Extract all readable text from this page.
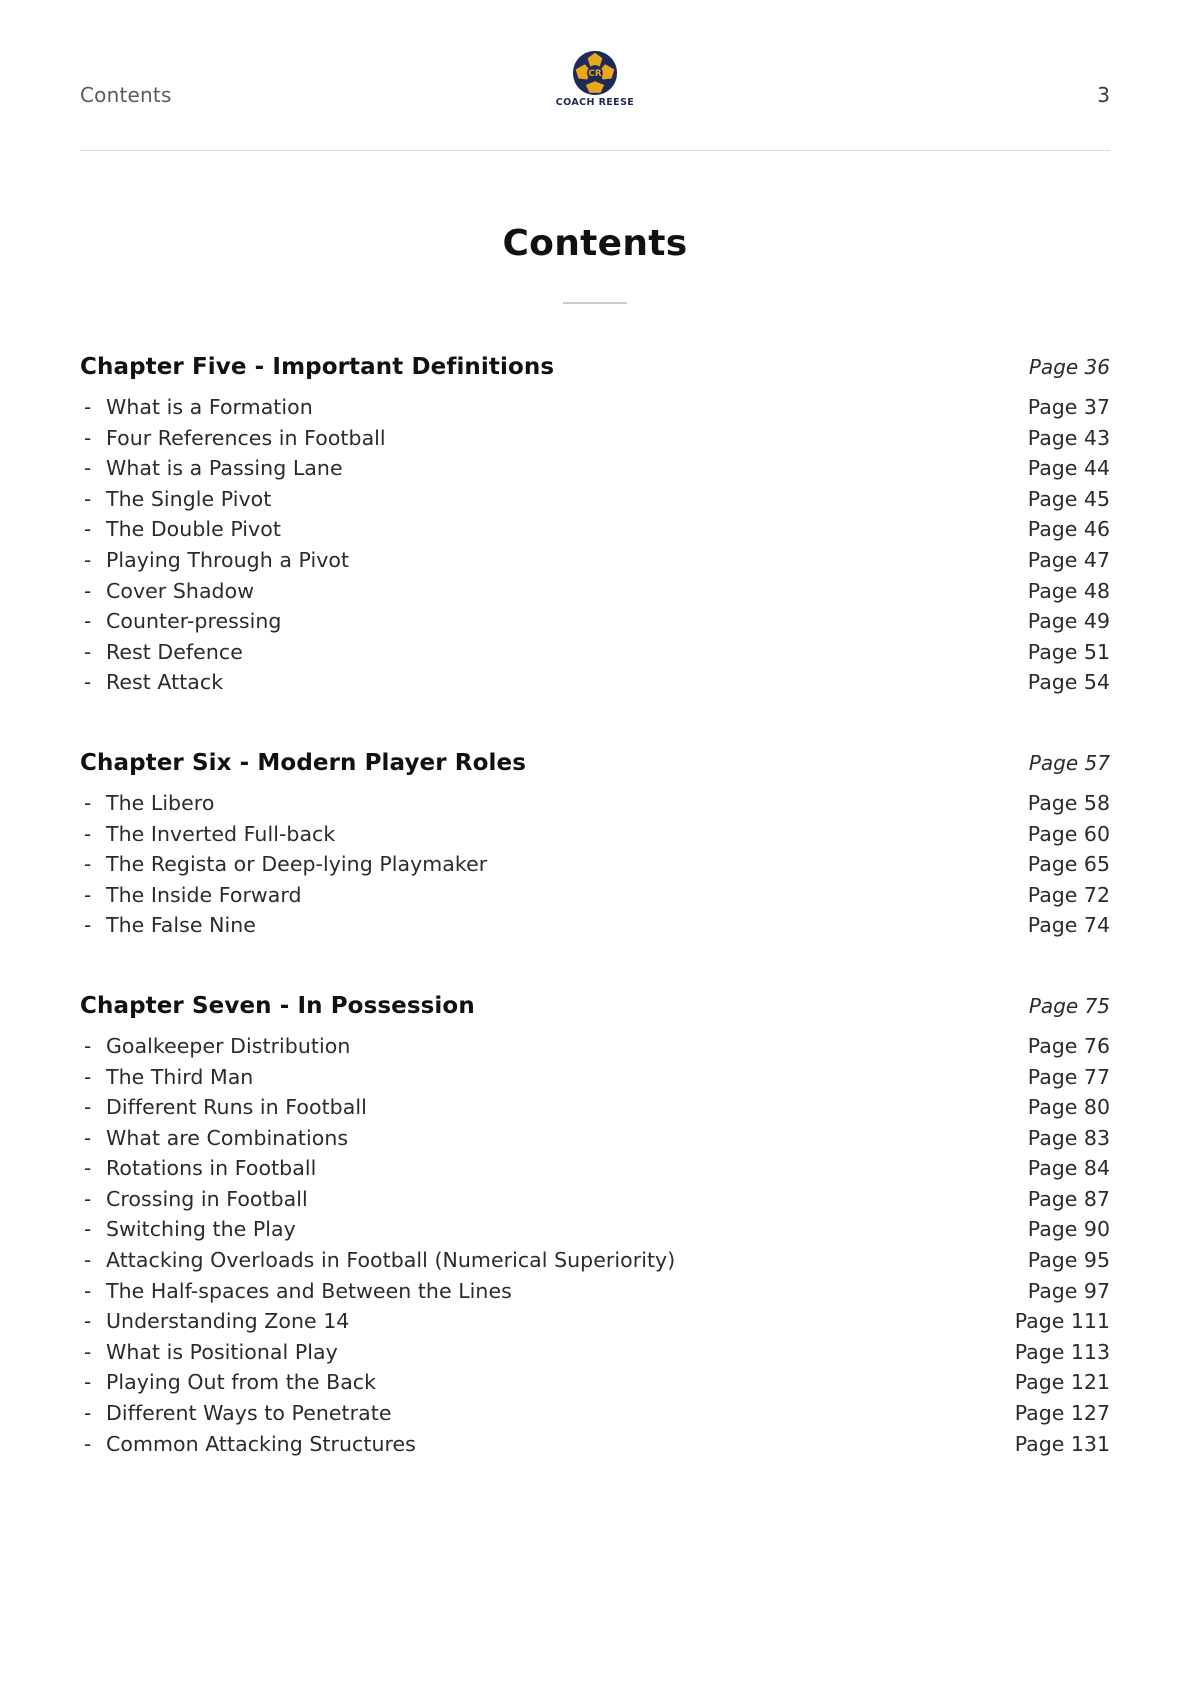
Contents
CR
COACH REESE	3
Contents
Chapter Five - Important Definitions	Page 36
- What is a Formation	Page 37
- Four References in Football	Page 43
- What is a Passing Lane	Page 44
- The Single Pivot	Page 45
- The Double Pivot	Page 46
- Playing Through a Pivot	Page 47
- Cover Shadow	Page 48
- Counter-pressing	Page 49
- Rest Defence	Page 51
- Rest Attack	Page 54
Chapter Six - Modern Player Roles	Page 57
- The Libero	Page 58
- The Inverted Full-back	Page 60
- The Regista or Deep-lying Playmaker	Page 65
- The Inside Forward	Page 72
- The False Nine	Page 74
Chapter Seven - In Possession	Page 75
- Goalkeeper Distribution	Page 76
- The Third Man	Page 77
- Different Runs in Football	Page 80
- What are Combinations	Page 83
- Rotations in Football	Page 84
- Crossing in Football	Page 87
- Switching the Play	Page 90
- Attacking Overloads in Football (Numerical Superiority)	Page 95
- The Half-spaces and Between the Lines	Page 97
- Understanding Zone 14	Page 111
- What is Positional Play	Page 113
- Playing Out from the Back	Page 121
- Different Ways to Penetrate	Page 127
- Common Attacking Structures	Page 131
